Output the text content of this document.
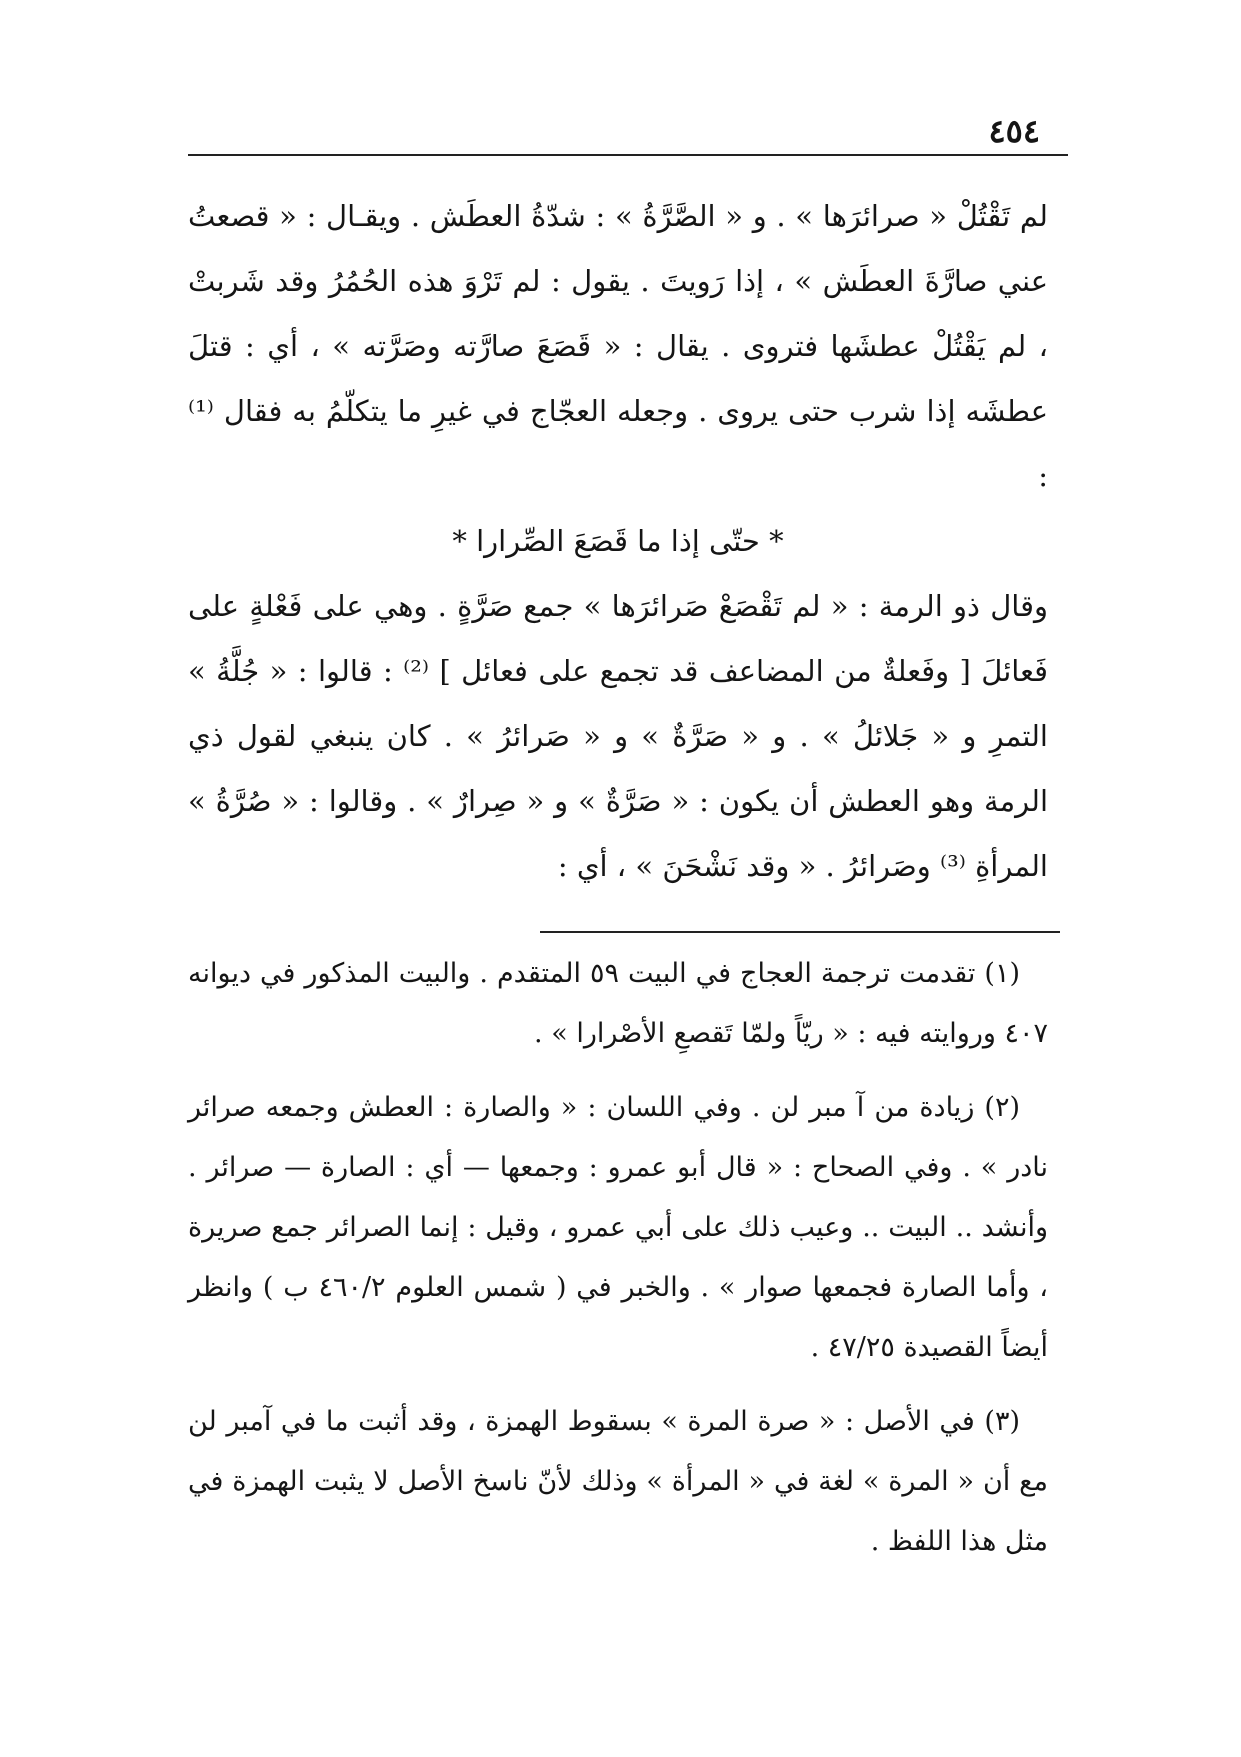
٤٥٤

لم تَقْتُلْ « صرائرَها » . و « الصَّرَّةُ » : شدّةُ العطَش . ويقـال : « قصعتُ عني صارَّةَ العطَش » ، إذا رَويتَ . يقول : لم تَرْوَ هذه الحُمُرُ وقد شَربتْ ، لم يَقْتُلْ عطشَها فتروى . يقال : « قَصَعَ صارَّته وصَرَّته » ، أي : قتلَ عطشَه إذا شرب حتى يروى . وجعله العجّاج في غيرِ ما يتكلّمُ به فقال ⁽¹⁾ :

* حتّى إذا ما قَصَعَ الصِّرارا *

وقال ذو الرمة : « لم تَقْصَعْ صَرائرَها » جمع صَرَّةٍ . وهي على فَعْلةٍ على فَعائلَ [ وفَعلةٌ من المضاعف قد تجمع على فعائل ] ⁽²⁾ : قالوا : « جُلَّةُ » التمرِ و « جَلائلُ » . و « صَرَّةٌ » و « صَرائرُ » . كان ينبغي لقول ذي الرمة وهو العطش أن يكون : « صَرَّةٌ » و « صِرارٌ » . وقالوا : « صُرَّةُ » المرأةِ ⁽³⁾ وصَرائرُ . « وقد نَشْحَنَ » ، أي :

(١) تقدمت ترجمة العجاج في البيت ٥٩ المتقدم . والبيت المذكور في ديوانه ٤٠٧ وروايته فيه : « ريّاً ولمّا تَقصعِ الأصْرارا » .

(٢) زيادة من آ مبر لن . وفي اللسان : « والصارة : العطش وجمعه صرائر نادر » . وفي الصحاح : « قال أبو عمرو : وجمعها — أي : الصارة — صرائر . وأنشد .. البيت .. وعيب ذلك على أبي عمرو ، وقيل : إنما الصرائر جمع صريرة ، وأما الصارة فجمعها صوار » . والخبر في ( شمس العلوم ٤٦٠/٢ ب ) وانظر أيضاً القصيدة ٤٧/٢٥ .

(٣) في الأصل : « صرة المرة » بسقوط الهمزة ، وقد أثبت ما في آمبر لن مع أن « المرة » لغة في « المرأة » وذلك لأنّ ناسخ الأصل لا يثبت الهمزة في مثل هذا اللفظ .
